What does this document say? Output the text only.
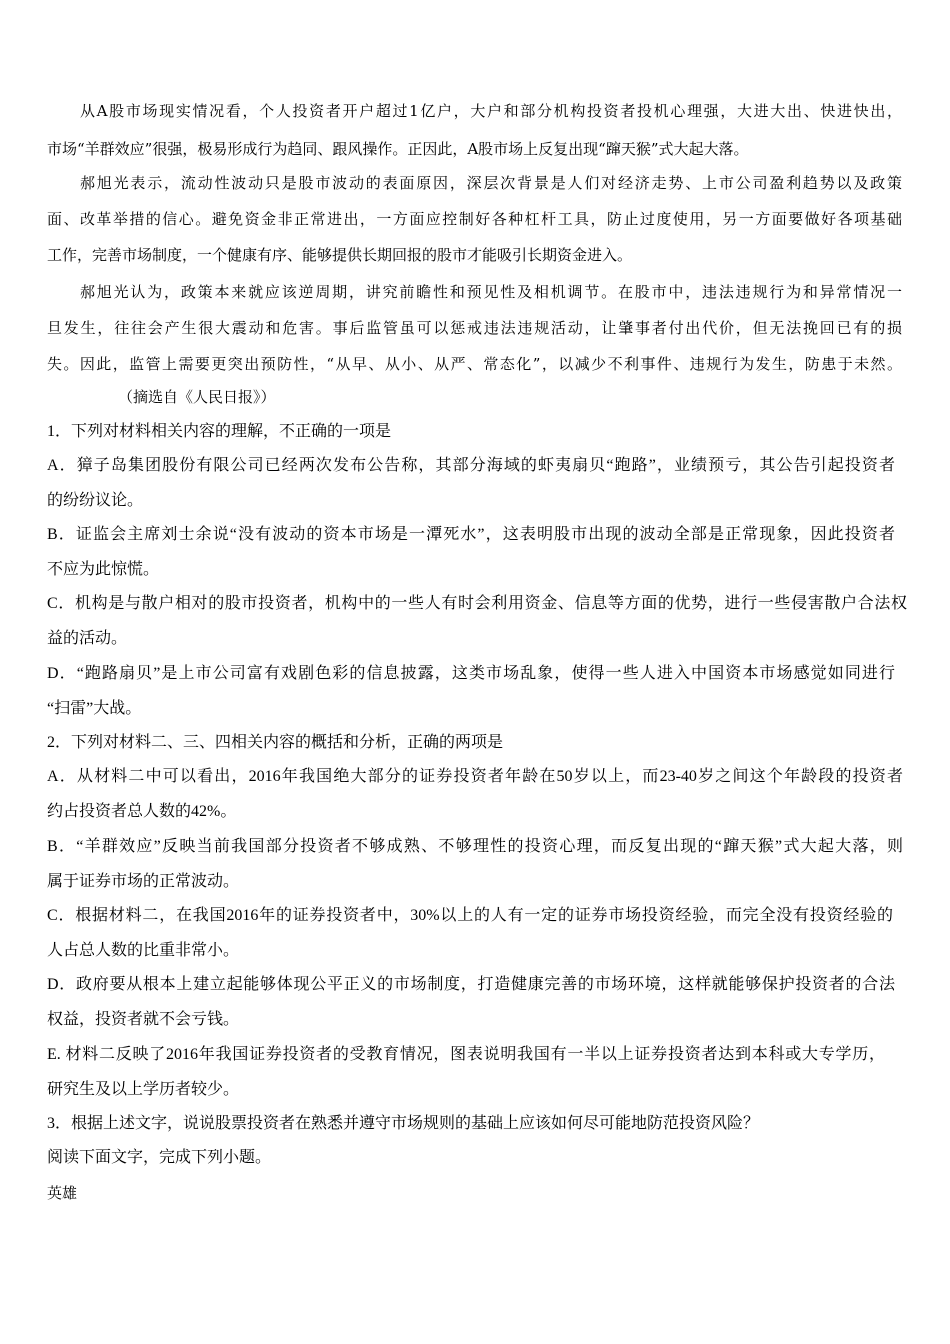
从A股市场现实情况看，个人投资者开户超过1亿户，大户和部分机构投资者投机心理强，大进大出、快进快出，
市场“羊群效应”很强，极易形成行为趋同、跟风操作。正因此，A股市场上反复出现“蹿天猴”式大起大落。
郝旭光表示，流动性波动只是股市波动的表面原因，深层次背景是人们对经济走势、上市公司盈利趋势以及政策
面、改革举措的信心。避免资金非正常进出，一方面应控制好各种杠杆工具，防止过度使用，另一方面要做好各项基础
工作，完善市场制度，一个健康有序、能够提供长期回报的股市才能吸引长期资金进入。
郝旭光认为，政策本来就应该逆周期，讲究前瞻性和预见性及相机调节。在股市中，违法违规行为和异常情况一
旦发生，往往会产生很大震动和危害。事后监管虽可以惩戒违法违规活动，让肇事者付出代价，但无法挽回已有的损
失。因此，监管上需要更突出预防性，“从早、从小、从严、常态化”，以减少不利事件、违规行为发生，防患于未然。
（摘选自《人民日报》）
1．下列对材料相关内容的理解，不正确的一项是
A．獐子岛集团股份有限公司已经两次发布公告称，其部分海域的虾夷扇贝“跑路”，业绩预亏，其公告引起投资者
的纷纷议论。
B．证监会主席刘士余说“没有波动的资本市场是一潭死水”，这表明股市出现的波动全部是正常现象，因此投资者
不应为此惊慌。
C．机构是与散户相对的股市投资者，机构中的一些人有时会利用资金、信息等方面的优势，进行一些侵害散户合法权
益的活动。
D．“跑路扇贝”是上市公司富有戏剧色彩的信息披露，这类市场乱象，使得一些人进入中国资本市场感觉如同进行
“扫雷”大战。
2．下列对材料二、三、四相关内容的概括和分析，正确的两项是
A．从材料二中可以看出，2016年我国绝大部分的证券投资者年龄在50岁以上，而23-40岁之间这个年龄段的投资者
约占投资者总人数的42%。
B．“羊群效应”反映当前我国部分投资者不够成熟、不够理性的投资心理，而反复出现的“蹿天猴”式大起大落，则
属于证券市场的正常波动。
C．根据材料二，在我国2016年的证券投资者中，30%以上的人有一定的证券市场投资经验，而完全没有投资经验的
人占总人数的比重非常小。
D．政府要从根本上建立起能够体现公平正义的市场制度，打造健康完善的市场环境，这样就能够保护投资者的合法
权益，投资者就不会亏钱。
E. 材料二反映了2016年我国证券投资者的受教育情况，图表说明我国有一半以上证券投资者达到本科或大专学历，
研究生及以上学历者较少。
3．根据上述文字，说说股票投资者在熟悉并遵守市场规则的基础上应该如何尽可能地防范投资风险？
阅读下面文字，完成下列小题。
英雄
